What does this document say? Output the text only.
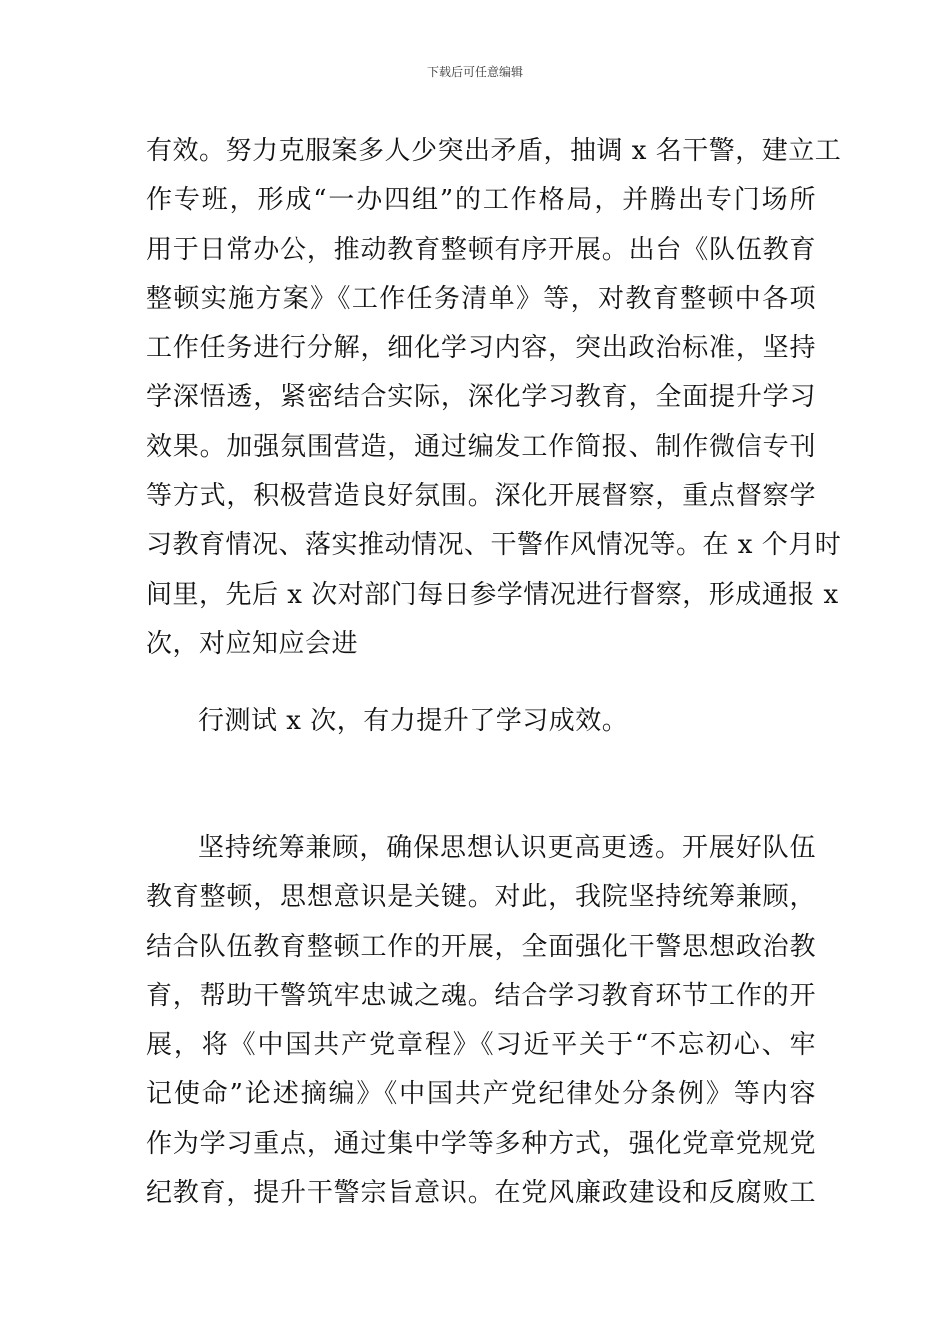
下载后可任意编辑
有效。努力克服案多人少突出矛盾，抽调 x 名干警，建立工
作专班，形成“一办四组”的工作格局，并腾出专门场所
用于日常办公，推动教育整顿有序开展。出台《队伍教育
整顿实施方案》《工作任务清单》等，对教育整顿中各项
工作任务进行分解，细化学习内容，突出政治标准，坚持
学深悟透，紧密结合实际，深化学习教育，全面提升学习
效果。加强氛围营造，通过编发工作简报、制作微信专刊
等方式，积极营造良好氛围。深化开展督察，重点督察学
习教育情况、落实推动情况、干警作风情况等。在 x 个月时
间里，先后 x 次对部门每日参学情况进行督察，形成通报 x
次，对应知应会进
行测试 x 次，有力提升了学习成效。
坚持统筹兼顾，确保思想认识更高更透。开展好队伍
教育整顿，思想意识是关键。对此，我院坚持统筹兼顾，
结合队伍教育整顿工作的开展，全面强化干警思想政治教
育，帮助干警筑牢忠诚之魂。结合学习教育环节工作的开
展，将《中国共产党章程》《习近平关于“不忘初心、牢
记使命”论述摘编》《中国共产党纪律处分条例》等内容
作为学习重点，通过集中学等多种方式，强化党章党规党
纪教育，提升干警宗旨意识。在党风廉政建设和反腐败工
